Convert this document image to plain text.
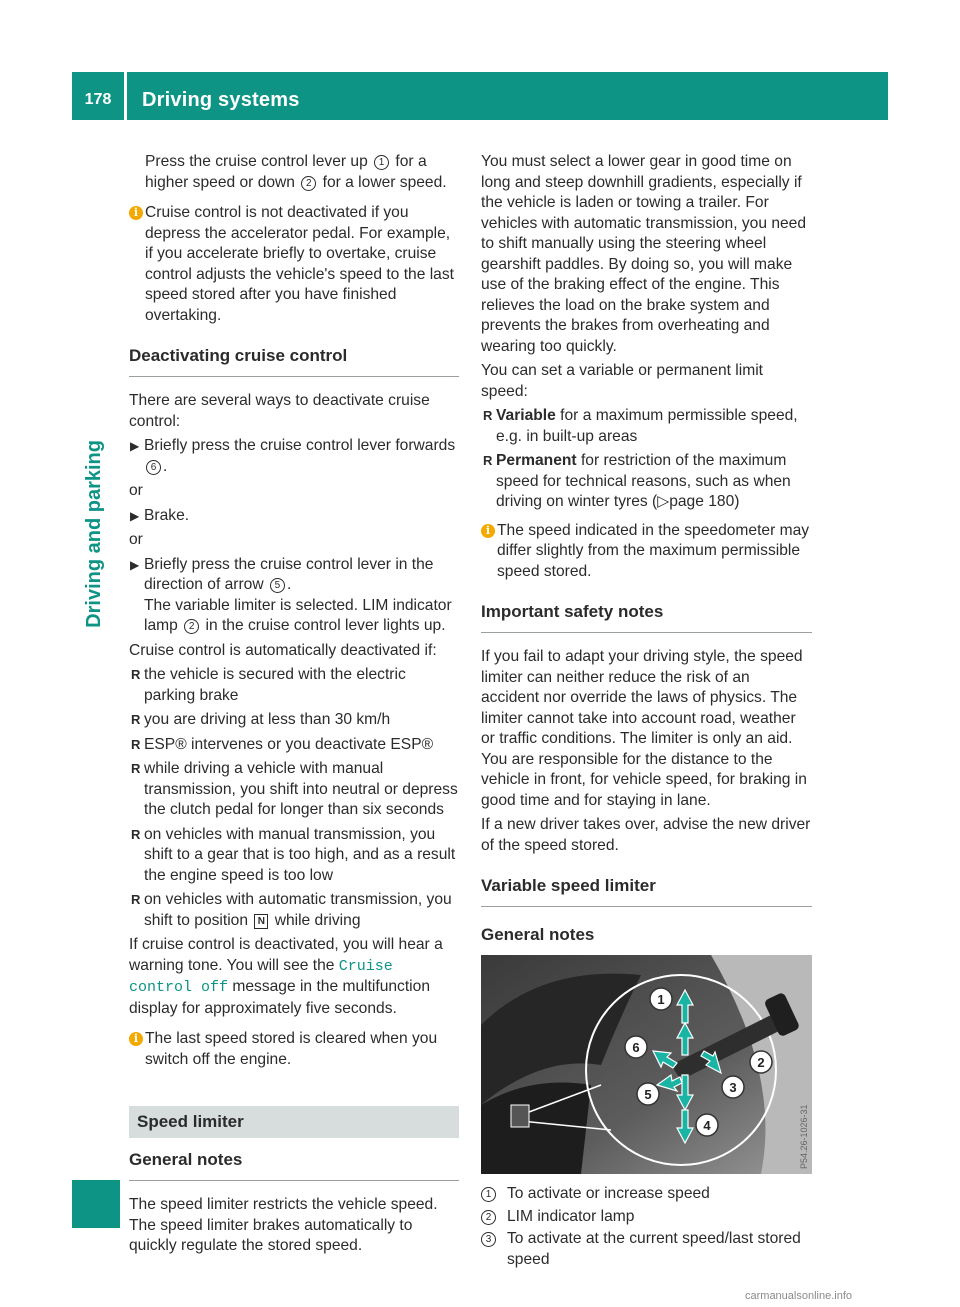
178	Driving systems
Driving and parking

Press the cruise control lever up 1 for a higher speed or down 2 for a lower speed.

i Cruise control is not deactivated if you depress the accelerator pedal. For example, if you accelerate briefly to overtake, cruise control adjusts the vehicle's speed to the last speed stored after you have finished overtaking.
Deactivating cruise control

There are several ways to deactivate cruise control:

▶ Briefly press the cruise control lever forwards 6 .
or
▶ Brake.
or
▶ Briefly press the cruise control lever in the direction of arrow 5 .
The variable limiter is selected. LIM indicator lamp 2 in the cruise control lever lights up.

Cruise control is automatically deactivated if:

R the vehicle is secured with the electric parking brake
R you are driving at less than 30 km/h
R ESP® intervenes or you deactivate ESP®
R while driving a vehicle with manual transmission, you shift into neutral or depress the clutch pedal for longer than six seconds
R on vehicles with manual transmission, you shift to a gear that is too high, and as a result the engine speed is too low
R on vehicles with automatic transmission, you shift to position N while driving

If cruise control is deactivated, you will hear a warning tone. You will see the Cruise control off message in the multifunction display for approximately five seconds.

i The last speed stored is cleared when you switch off the engine.
Speed limiter
General notes

The speed limiter restricts the vehicle speed. The speed limiter brakes automatically to quickly regulate the stored speed.

You must select a lower gear in good time on long and steep downhill gradients, especially if the vehicle is laden or towing a trailer. For vehicles with automatic transmission, you need to shift manually using the steering wheel gearshift paddles. By doing so, you will make use of the braking effect of the engine. This relieves the load on the brake system and prevents the brakes from overheating and wearing too quickly.

You can set a variable or permanent limit speed:

R Variable for a maximum permissible speed, e.g. in built-up areas
R Permanent for restriction of the maximum speed for technical reasons, such as when driving on winter tyres (▷page 180)
i The speed indicated in the speedometer may differ slightly from the maximum permissible speed stored.
Important safety notes

If you fail to adapt your driving style, the speed limiter can neither reduce the risk of an accident nor override the laws of physics. The limiter cannot take into account road, weather or traffic conditions. The limiter is only an aid. You are responsible for the distance to the vehicle in front, for vehicle speed, for braking in good time and for staying in lane.

If a new driver takes over, advise the new driver of the speed stored.

Variable speed limiter
General notes
1
2
3
4
5
6
P54.26-1026-31
1	To activate or increase speed
2	LIM indicator lamp
3	To activate at the current speed/last stored speed
carmanualsonline.info
